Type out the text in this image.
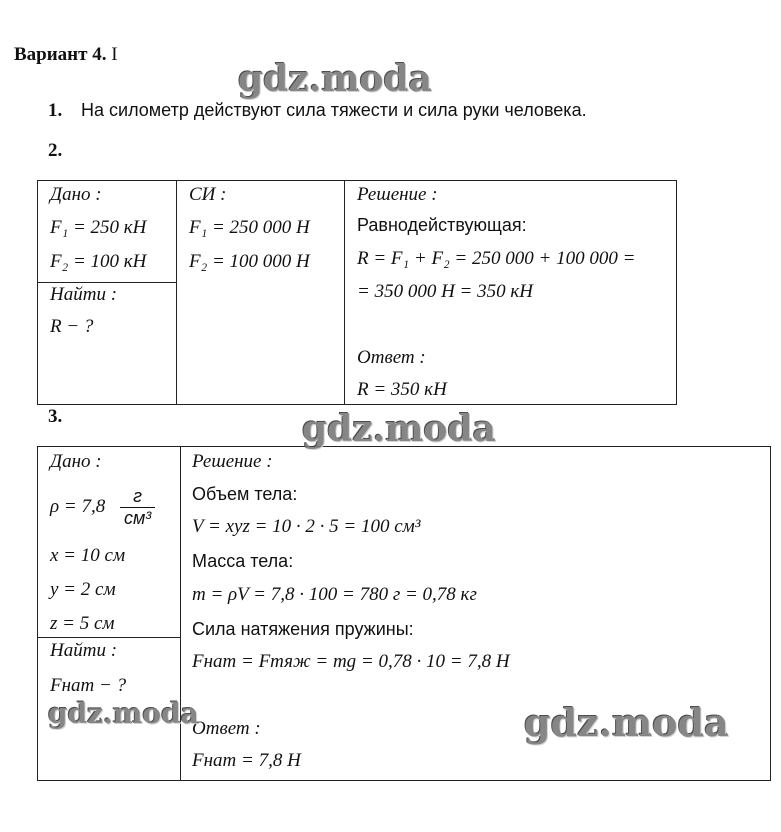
Вариант 4. I
1. На силометр действуют сила тяжести и сила руки человека.
2.
Дано :
F₁ = 250 кН
F₂ = 100 кН
Найти :
R − ?
СИ :
F₁ = 250 000 Н
F₂ = 100 000 Н
Решение :
Равнодействующая:
R = F₁ + F₂ = 250 000 + 100 000 =
= 350 000 Н = 350 кН
Ответ :
R = 350 кН
3.
Дано :
$\rho = 7,8 \frac{г}{\text{см³}}$
x = 10 см
y = 2 см
z = 5 см
Найти :
Fнат − ?
Решение :
Объем тела:
V = xyz = 10 · 2 · 5 = 100 см³
Масса тела:
m = ρV = 7,8 · 100 = 780 г = 0,78 кг
Сила натяжения пружины:
Fнат = Fтяж = mg = 0,78 · 10 = 7,8 Н
Ответ :
Fнат = 7,8 Н
gdz.moda
gdz.moda
gdz.moda	gdz.moda
